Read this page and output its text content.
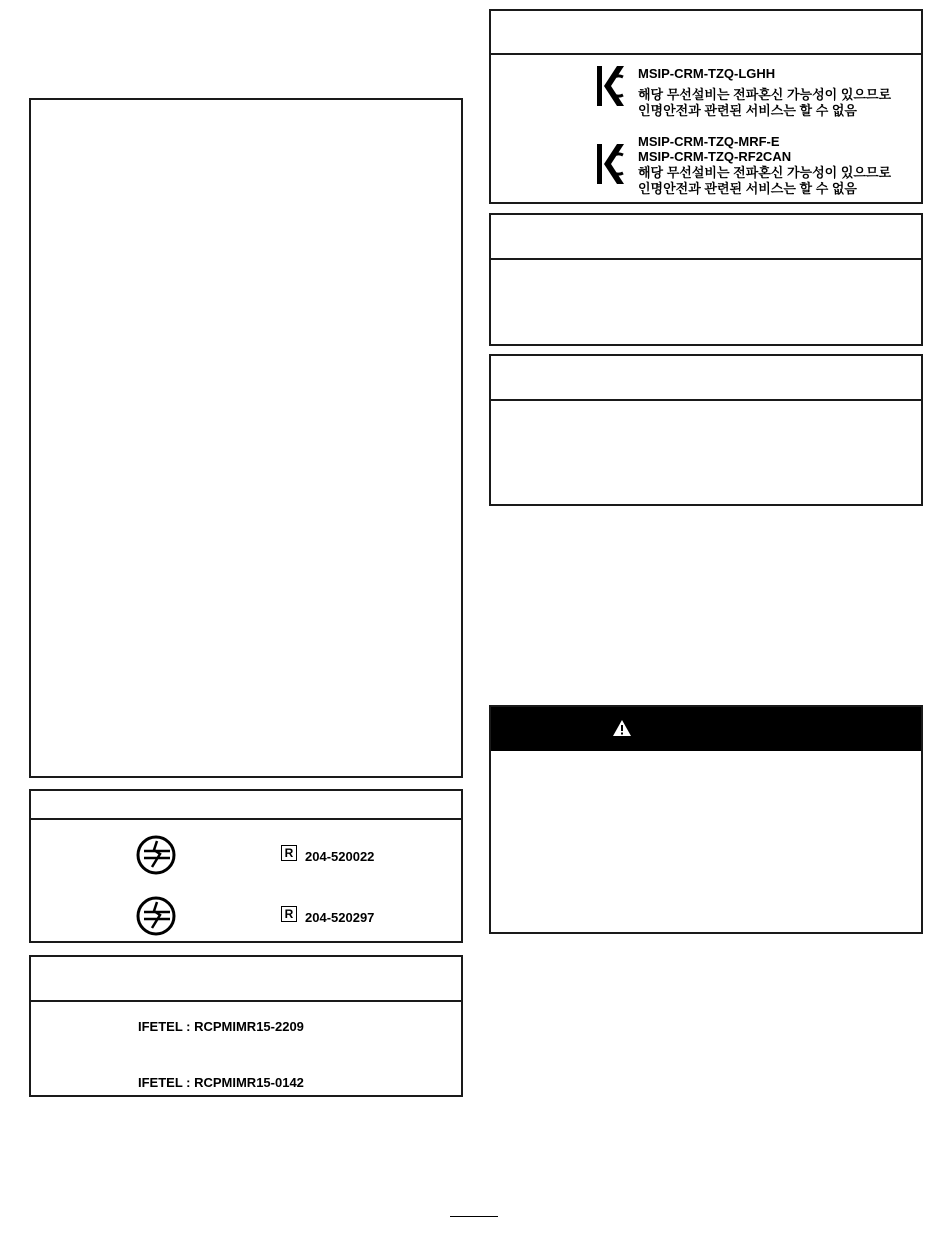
R 204-520022
R 204-520297
IFETEL : RCPMIMR15-2209
IFETEL : RCPMIMR15-0142
MSIP-CRM-TZQ-LGHH
해당 무선설비는 전파혼신 가능성이 있으므로
인명안전과 관련된 서비스는 할 수 없음
MSIP-CRM-TZQ-MRF-E
MSIP-CRM-TZQ-RF2CAN
해당 무선설비는 전파혼신 가능성이 있으므로
인명안전과 관련된 서비스는 할 수 없음
